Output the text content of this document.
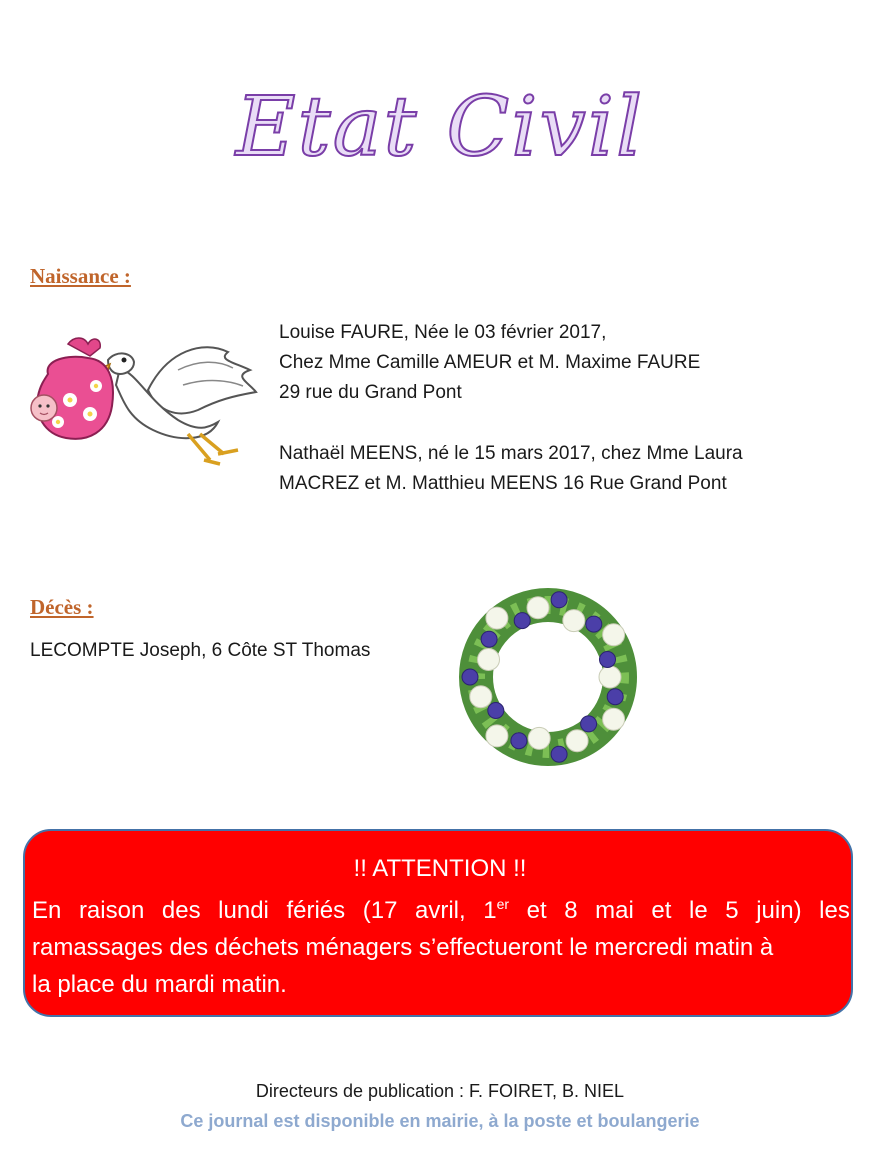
Etat Civil

Naissance :

Louise FAURE, Née le 03 février 2017,

Chez Mme Camille AMEUR et M. Maxime FAURE

29 rue du Grand Pont

Nathaël MEENS, né le 15 mars 2017, chez Mme Laura

MACREZ et M. Matthieu MEENS 16 Rue Grand Pont

Décès :

LECOMPTE Joseph, 6 Côte ST Thomas

!! ATTENTION !!
En raison des lundi fériés (17 avril, 1er et 8 mai et le 5 juin) les
ramassages des déchets ménagers s’effectueront le mercredi matin à
la place du mardi matin.
Directeurs de publication : F. FOIRET, B. NIEL
Ce journal est disponible en mairie, à la poste et boulangerie
